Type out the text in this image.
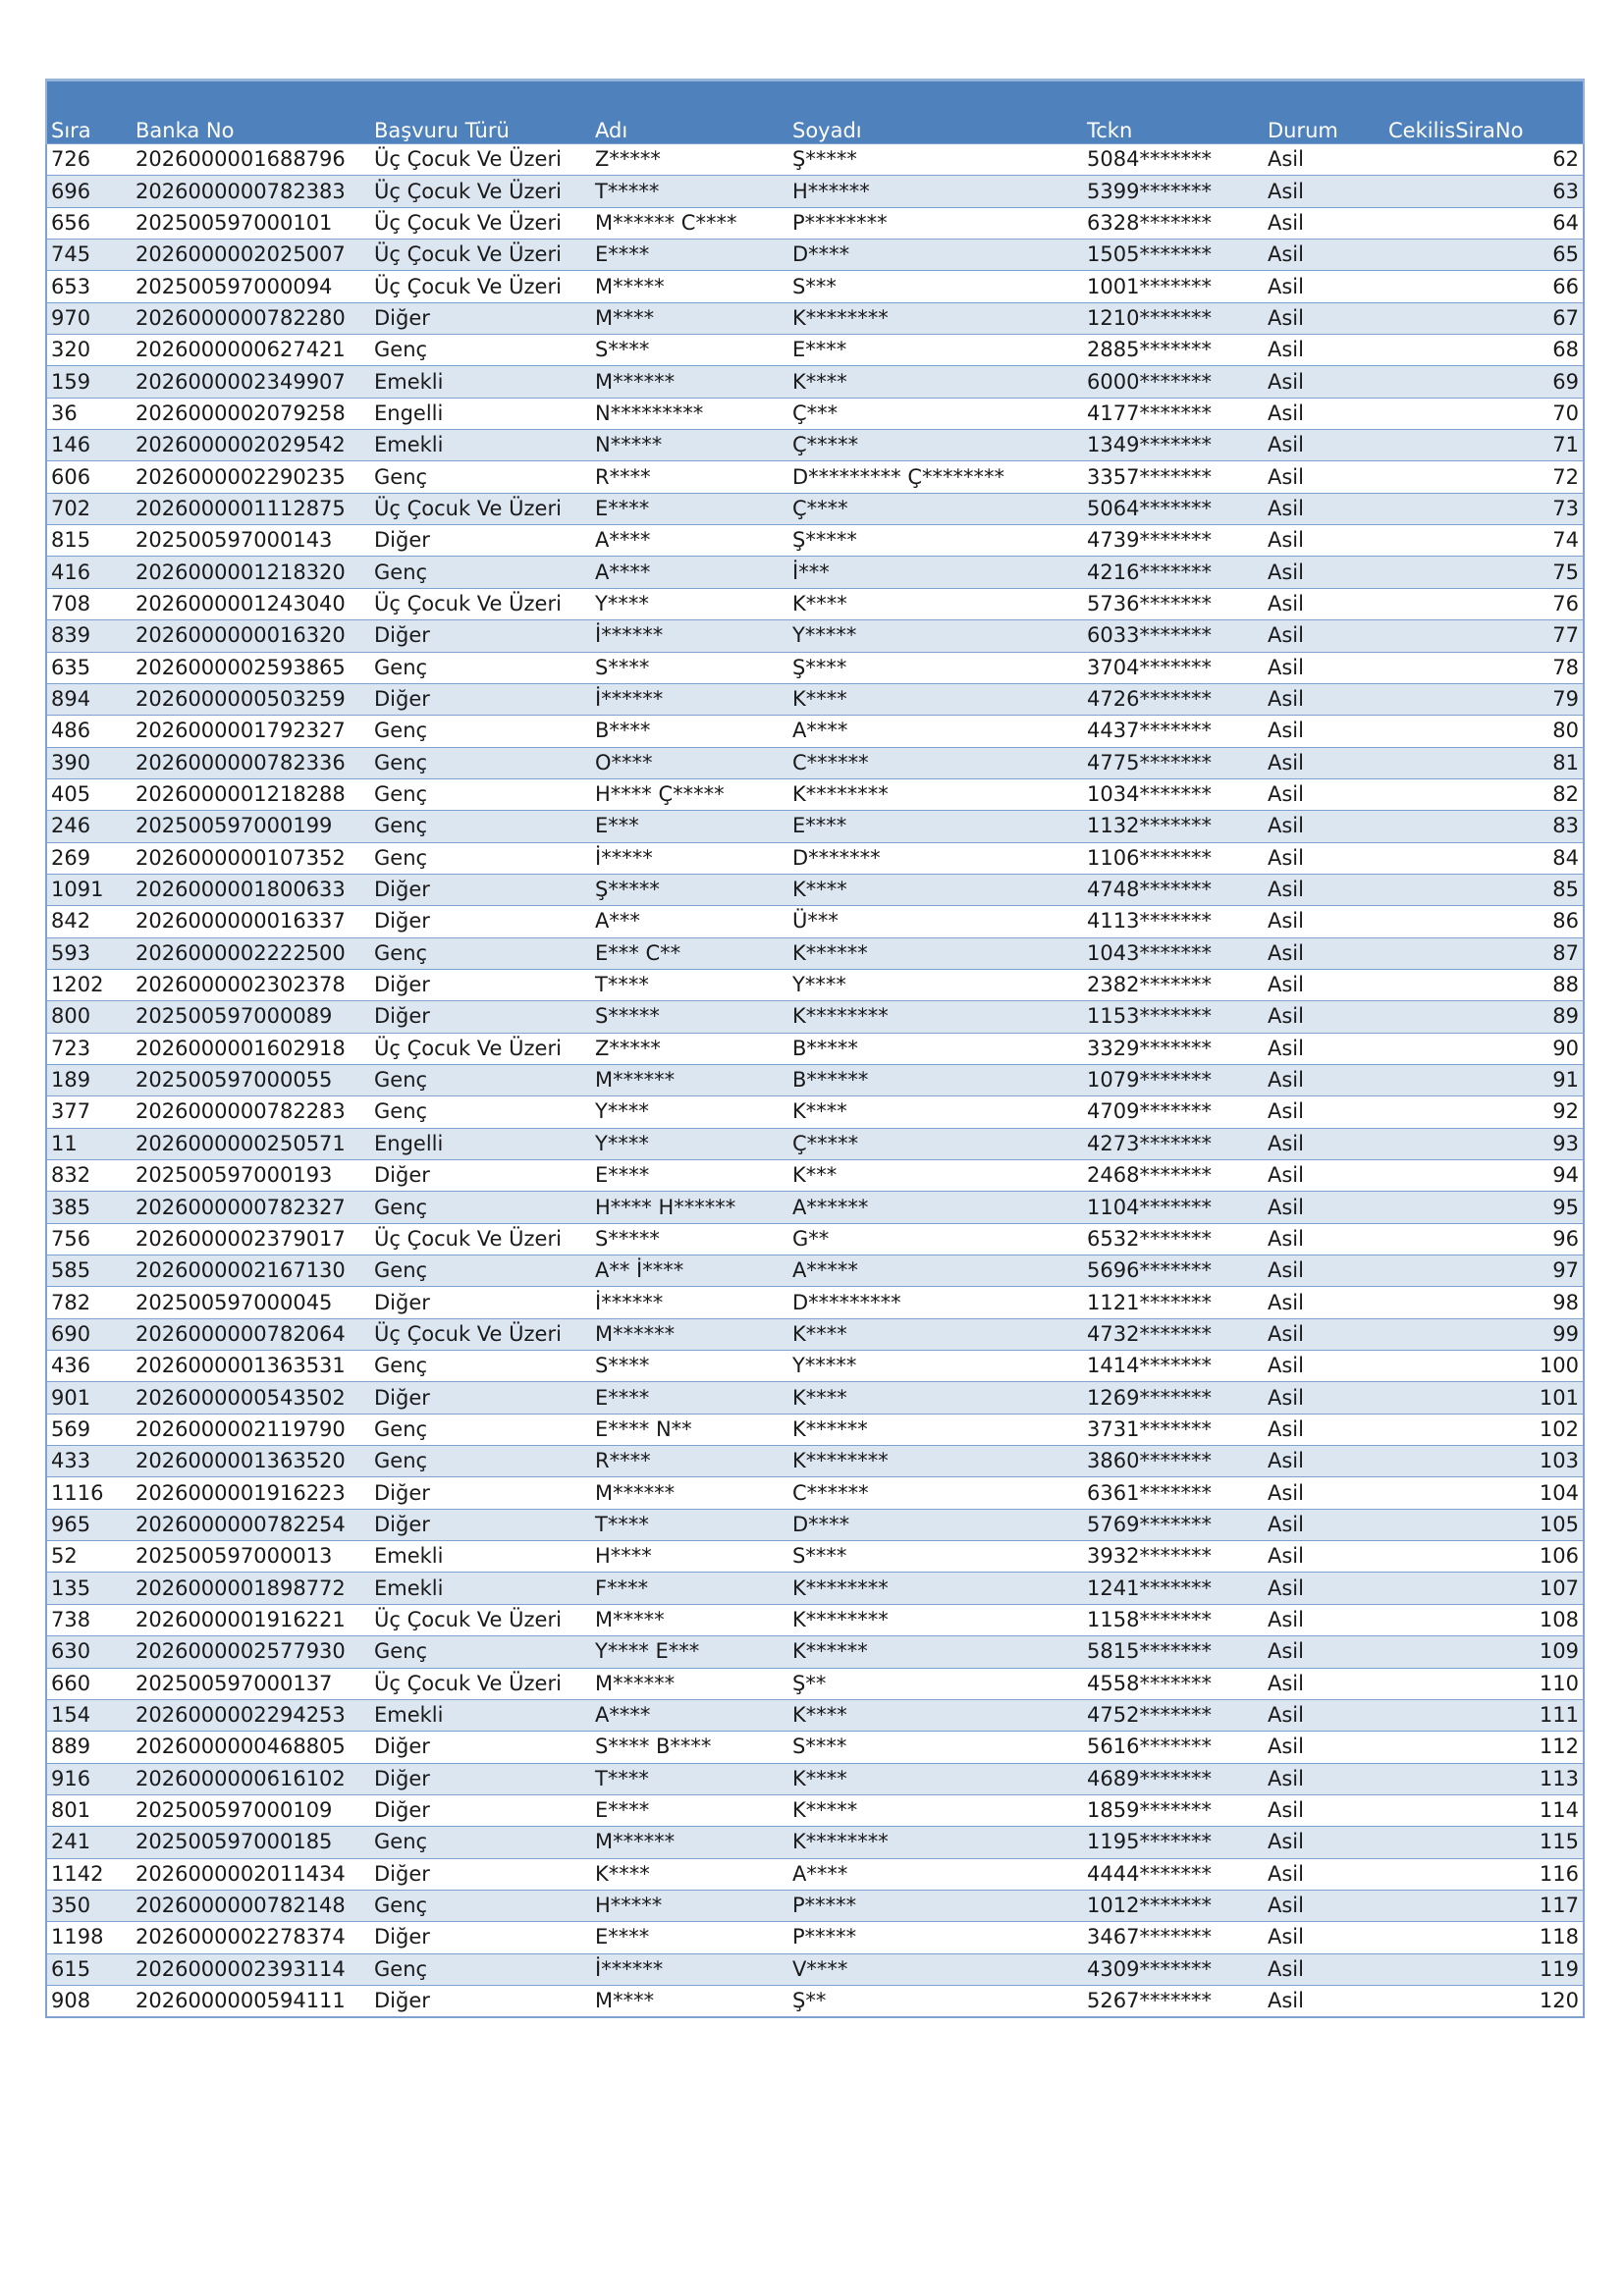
Sıra	Banka No	Başvuru Türü	Adı	Soyadı	Tckn	Durum	CekilisSiraNo
726	2026000001688796	Üç Çocuk Ve Üzeri	Z*****	Ş*****	5084*******	Asil	62
696	2026000000782383	Üç Çocuk Ve Üzeri	T*****	H******	5399*******	Asil	63
656	202500597000101	Üç Çocuk Ve Üzeri	M****** C****	P********	6328*******	Asil	64
745	2026000002025007	Üç Çocuk Ve Üzeri	E****	D****	1505*******	Asil	65
653	202500597000094	Üç Çocuk Ve Üzeri	M*****	S***	1001*******	Asil	66
970	2026000000782280	Diğer	M****	K********	1210*******	Asil	67
320	2026000000627421	Genç	S****	E****	2885*******	Asil	68
159	2026000002349907	Emekli	M******	K****	6000*******	Asil	69
36	2026000002079258	Engelli	N*********	Ç***	4177*******	Asil	70
146	2026000002029542	Emekli	N*****	Ç*****	1349*******	Asil	71
606	2026000002290235	Genç	R****	D********* Ç********	3357*******	Asil	72
702	2026000001112875	Üç Çocuk Ve Üzeri	E****	Ç****	5064*******	Asil	73
815	202500597000143	Diğer	A****	Ş*****	4739*******	Asil	74
416	2026000001218320	Genç	A****	İ***	4216*******	Asil	75
708	2026000001243040	Üç Çocuk Ve Üzeri	Y****	K****	5736*******	Asil	76
839	2026000000016320	Diğer	İ******	Y*****	6033*******	Asil	77
635	2026000002593865	Genç	S****	Ş****	3704*******	Asil	78
894	2026000000503259	Diğer	İ******	K****	4726*******	Asil	79
486	2026000001792327	Genç	B****	A****	4437*******	Asil	80
390	2026000000782336	Genç	O****	C******	4775*******	Asil	81
405	2026000001218288	Genç	H**** Ç*****	K********	1034*******	Asil	82
246	202500597000199	Genç	E***	E****	1132*******	Asil	83
269	2026000000107352	Genç	İ*****	D*******	1106*******	Asil	84
1091	2026000001800633	Diğer	Ş*****	K****	4748*******	Asil	85
842	2026000000016337	Diğer	A***	Ü***	4113*******	Asil	86
593	2026000002222500	Genç	E*** C**	K******	1043*******	Asil	87
1202	2026000002302378	Diğer	T****	Y****	2382*******	Asil	88
800	202500597000089	Diğer	S*****	K********	1153*******	Asil	89
723	2026000001602918	Üç Çocuk Ve Üzeri	Z*****	B*****	3329*******	Asil	90
189	202500597000055	Genç	M******	B******	1079*******	Asil	91
377	2026000000782283	Genç	Y****	K****	4709*******	Asil	92
11	2026000000250571	Engelli	Y****	Ç*****	4273*******	Asil	93
832	202500597000193	Diğer	E****	K***	2468*******	Asil	94
385	2026000000782327	Genç	H**** H******	A******	1104*******	Asil	95
756	2026000002379017	Üç Çocuk Ve Üzeri	S*****	G**	6532*******	Asil	96
585	2026000002167130	Genç	A** İ****	A*****	5696*******	Asil	97
782	202500597000045	Diğer	İ******	D*********	1121*******	Asil	98
690	2026000000782064	Üç Çocuk Ve Üzeri	M******	K****	4732*******	Asil	99
436	2026000001363531	Genç	S****	Y*****	1414*******	Asil	100
901	2026000000543502	Diğer	E****	K****	1269*******	Asil	101
569	2026000002119790	Genç	E**** N**	K******	3731*******	Asil	102
433	2026000001363520	Genç	R****	K********	3860*******	Asil	103
1116	2026000001916223	Diğer	M******	C******	6361*******	Asil	104
965	2026000000782254	Diğer	T****	D****	5769*******	Asil	105
52	202500597000013	Emekli	H****	S****	3932*******	Asil	106
135	2026000001898772	Emekli	F****	K********	1241*******	Asil	107
738	2026000001916221	Üç Çocuk Ve Üzeri	M*****	K********	1158*******	Asil	108
630	2026000002577930	Genç	Y**** E***	K******	5815*******	Asil	109
660	202500597000137	Üç Çocuk Ve Üzeri	M******	Ş**	4558*******	Asil	110
154	2026000002294253	Emekli	A****	K****	4752*******	Asil	111
889	2026000000468805	Diğer	S**** B****	S****	5616*******	Asil	112
916	2026000000616102	Diğer	T****	K****	4689*******	Asil	113
801	202500597000109	Diğer	E****	K*****	1859*******	Asil	114
241	202500597000185	Genç	M******	K********	1195*******	Asil	115
1142	2026000002011434	Diğer	K****	A****	4444*******	Asil	116
350	2026000000782148	Genç	H*****	P*****	1012*******	Asil	117
1198	2026000002278374	Diğer	E****	P*****	3467*******	Asil	118
615	2026000002393114	Genç	İ******	V****	4309*******	Asil	119
908	2026000000594111	Diğer	M****	Ş**	5267*******	Asil	120
